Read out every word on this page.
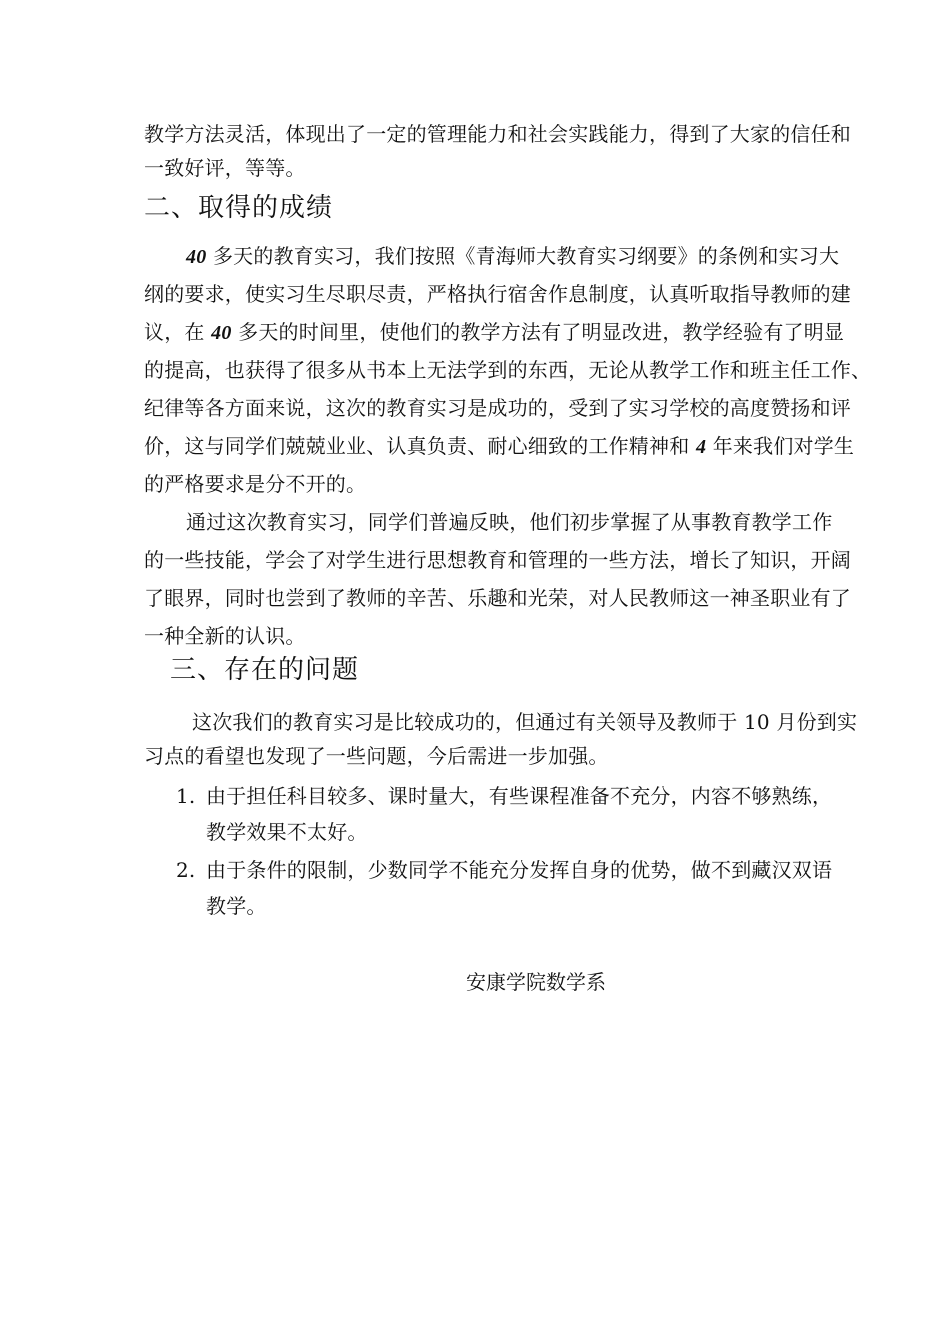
教学方法灵活，体现出了一定的管理能力和社会实践能力，得到了大家的信任和
一致好评，等等。
二、取得的成绩
40 多天的教育实习，我们按照《青海师大教育实习纲要》的条例和实习大
纲的要求，使实习生尽职尽责，严格执行宿舍作息制度，认真听取指导教师的建
议，在 40 多天的时间里，使他们的教学方法有了明显改进，教学经验有了明显
的提高，也获得了很多从书本上无法学到的东西，无论从教学工作和班主任工作、
纪律等各方面来说，这次的教育实习是成功的，受到了实习学校的高度赞扬和评
价，这与同学们兢兢业业、认真负责、耐心细致的工作精神和 4 年来我们对学生
的严格要求是分不开的。
通过这次教育实习，同学们普遍反映，他们初步掌握了从事教育教学工作
的一些技能，学会了对学生进行思想教育和管理的一些方法，增长了知识，开阔
了眼界，同时也尝到了教师的辛苦、乐趣和光荣，对人民教师这一神圣职业有了
一种全新的认识。
三、存在的问题
这次我们的教育实习是比较成功的，但通过有关领导及教师于 10 月份到实
习点的看望也发现了一些问题，今后需进一步加强。
1. 由于担任科目较多、课时量大，有些课程准备不充分，内容不够熟练，
教学效果不太好。
2. 由于条件的限制，少数同学不能充分发挥自身的优势，做不到藏汉双语
教学。
安康学院数学系
